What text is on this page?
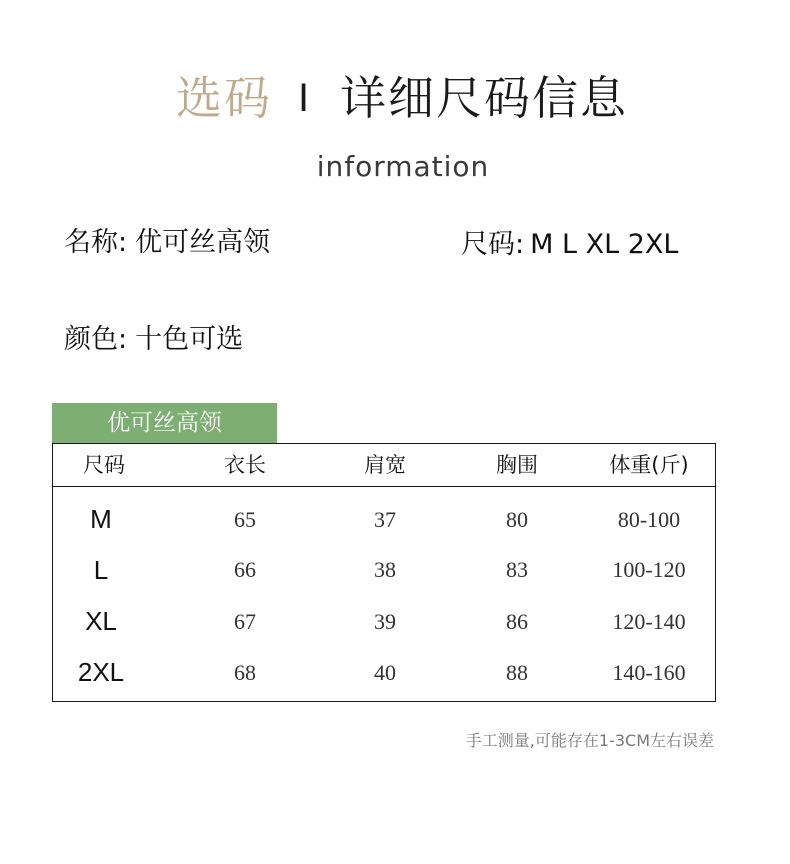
选码 I 详细尺码信息
information
名称: 优可丝高领	尺码: M L XL 2XL
颜色: 十色可选
优可丝高领
尺码	衣长	肩宽	胸围	体重(斤)
M	65	37	80	80-100
L	66	38	83	100-120
XL	67	39	86	120-140
2XL	68	40	88	140-160
手工测量,可能存在1-3CM左右误差
